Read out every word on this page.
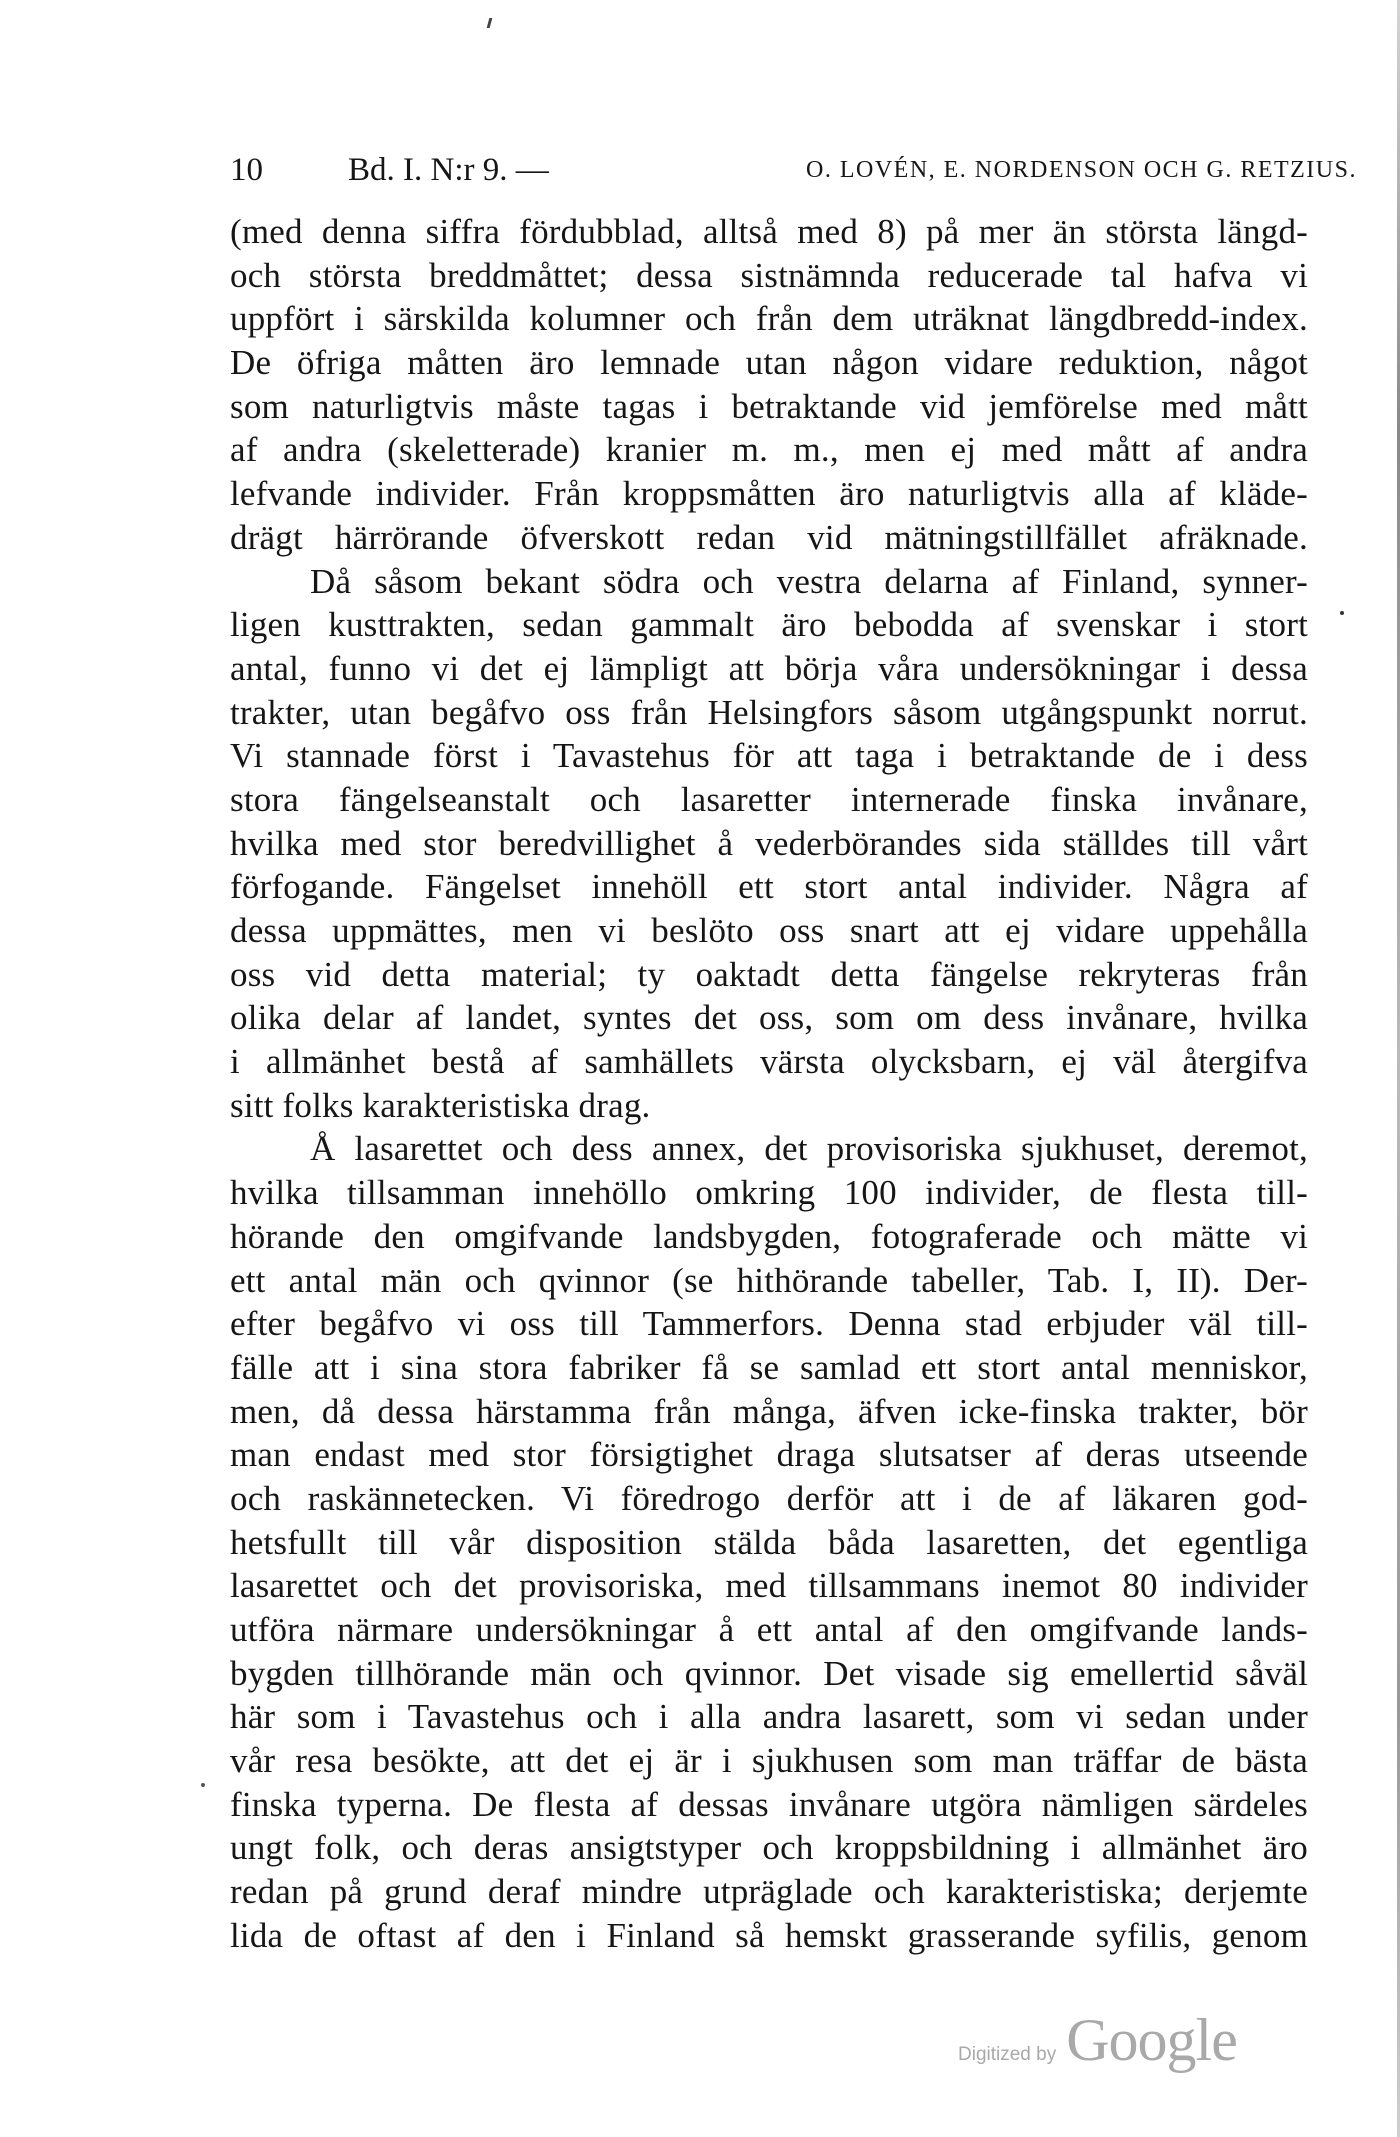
10	Bd. I. N:r 9. —	O. LOVÉN, E. NORDENSON OCH G. RETZIUS.
(med denna siffra fördubblad, alltså med 8) på mer än största längd-
och största breddmåttet; dessa sistnämnda reducerade tal hafva vi
uppfört i särskilda kolumner och från dem uträknat längdbredd-index.
De öfriga måtten äro lemnade utan någon vidare reduktion, något
som naturligtvis måste tagas i betraktande vid jemförelse med mått
af andra (skeletterade) kranier m. m., men ej med mått af andra
lefvande individer. Från kroppsmåtten äro naturligtvis alla af kläde-
drägt härrörande öfverskott redan vid mätningstillfället afräknade.
Då såsom bekant södra och vestra delarna af Finland, synner-
ligen kusttrakten, sedan gammalt äro bebodda af svenskar i stort
antal, funno vi det ej lämpligt att börja våra undersökningar i dessa
trakter, utan begåfvo oss från Helsingfors såsom utgångspunkt norrut.
Vi stannade först i Tavastehus för att taga i betraktande de i dess
stora fängelseanstalt och lasaretter internerade finska invånare,
hvilka med stor beredvillighet å vederbörandes sida ställdes till vårt
förfogande. Fängelset innehöll ett stort antal individer. Några af
dessa uppmättes, men vi beslöto oss snart att ej vidare uppehålla
oss vid detta material; ty oaktadt detta fängelse rekryteras från
olika delar af landet, syntes det oss, som om dess invånare, hvilka
i allmänhet bestå af samhällets värsta olycksbarn, ej väl återgifva
sitt folks karakteristiska drag.
Å lasarettet och dess annex, det provisoriska sjukhuset, deremot,
hvilka tillsamman innehöllo omkring 100 individer, de flesta till-
hörande den omgifvande landsbygden, fotograferade och mätte vi
ett antal män och qvinnor (se hithörande tabeller, Tab. I, II). Der-
efter begåfvo vi oss till Tammerfors. Denna stad erbjuder väl till-
fälle att i sina stora fabriker få se samlad ett stort antal menniskor,
men, då dessa härstamma från många, äfven icke-finska trakter, bör
man endast med stor försigtighet draga slutsatser af deras utseende
och raskännetecken. Vi föredrogo derför att i de af läkaren god-
hetsfullt till vår disposition stälda båda lasaretten, det egentliga
lasarettet och det provisoriska, med tillsammans inemot 80 individer
utföra närmare undersökningar å ett antal af den omgifvande lands-
bygden tillhörande män och qvinnor. Det visade sig emellertid såväl
här som i Tavastehus och i alla andra lasarett, som vi sedan under
vår resa besökte, att det ej är i sjukhusen som man träffar de bästa
finska typerna. De flesta af dessas invånare utgöra nämligen särdeles
ungt folk, och deras ansigtstyper och kroppsbildning i allmänhet äro
redan på grund deraf mindre utpräglade och karakteristiska; derjemte
lida de oftast af den i Finland så hemskt grasserande syfilis, genom
Digitized by Google
